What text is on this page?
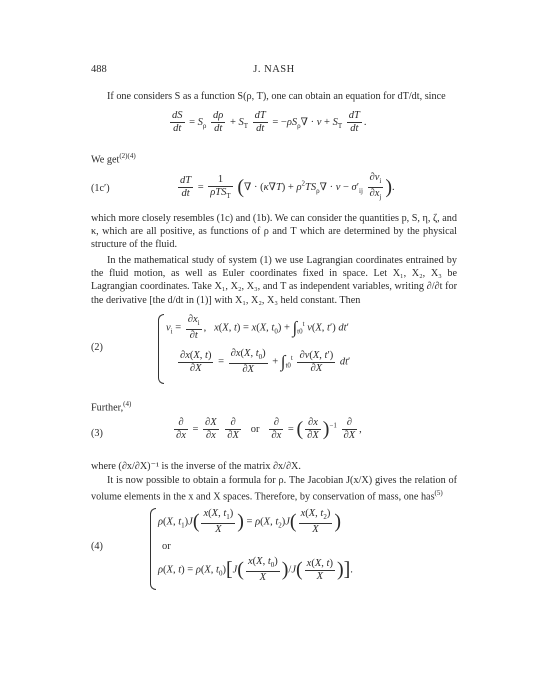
488	J. NASH
If one considers S as a function S(ρ, T), one can obtain an equation for dT/dt, since
$\frac{dS}{dt} = S_\rho \frac{d\rho}{dt} + S_T \frac{dT}{dt} = -\rho S_\rho\nabla \cdot v + S_T \frac{dT}{dt}$ .
We get$^{(2)(4)}$
(1c′)	$\frac{dT}{dt} = \frac{1}{\rho TS_T}$ (∇ · $(\kappa\nabla T) + \rho^2TS_\rho\nabla \cdot v - \sigma'_{ij} \frac{\partial v_i}{\partial x_j}$ ).
which more closely resembles (1c) and (1b). We can consider the quantities p, S, η, ζ, and κ, which are all positive, as functions of ρ and T which are determined by the physical structure of the fluid.
In the mathematical study of system (1) we use Lagrangian coordinates entrained by the fluid motion, as well as Euler coordinates fixed in space. Let X₁, X₂, X₃ be Lagrangian coordinates. Take X₁, X₂, X₃, and T as independent variables, writing ∂/∂t for the derivative [the d/dt in (1)] with X₁, X₂, X₃ held constant. Then
(2)
$v_i = \frac{\partial x_i}{\partial t}$ ,   x(X, t) = x(X, $t_0) + \int_{t0}^t$ v(X, t′) dt′
$\frac{\partial x(X, t)}{\partial X} = \frac{\partial x(X, t_0)}{\partial X} + \int_{t0}^t \frac{\partial v(X, t')}{\partial X} dt'$
Further,$^{(4)}$
(3)	$\frac{\partial}{\partial x} = \frac{\partial X}{\partial x}$
$\frac{\partial}{\partial X}$ or $\frac{\partial}{\partial x}$ = ( $\frac{\partial x}{\partial X} )^{-1} \frac{\partial}{\partial X}$ ,
where (∂x/∂X)⁻¹ is the inverse of the matrix ∂x/∂X.
It is now possible to obtain a formula for ρ. The Jacobian J(x/X) gives the relation of volume elements in the x and X spaces. Therefore, by conservation of mass, one has$^{(5)}$
(4)
ρ(X, $t_1)J( \frac{x(X, t_1)}{X}$ ) = ρ(X, $t_2)J( \frac{x(X, t_2)}{X}$ )
or
ρ(X, t) = ρ(X, $t_0)[J( \frac{x(X, t_0)}{X} )/J( \frac{x(X, t)}{X}$ )].
